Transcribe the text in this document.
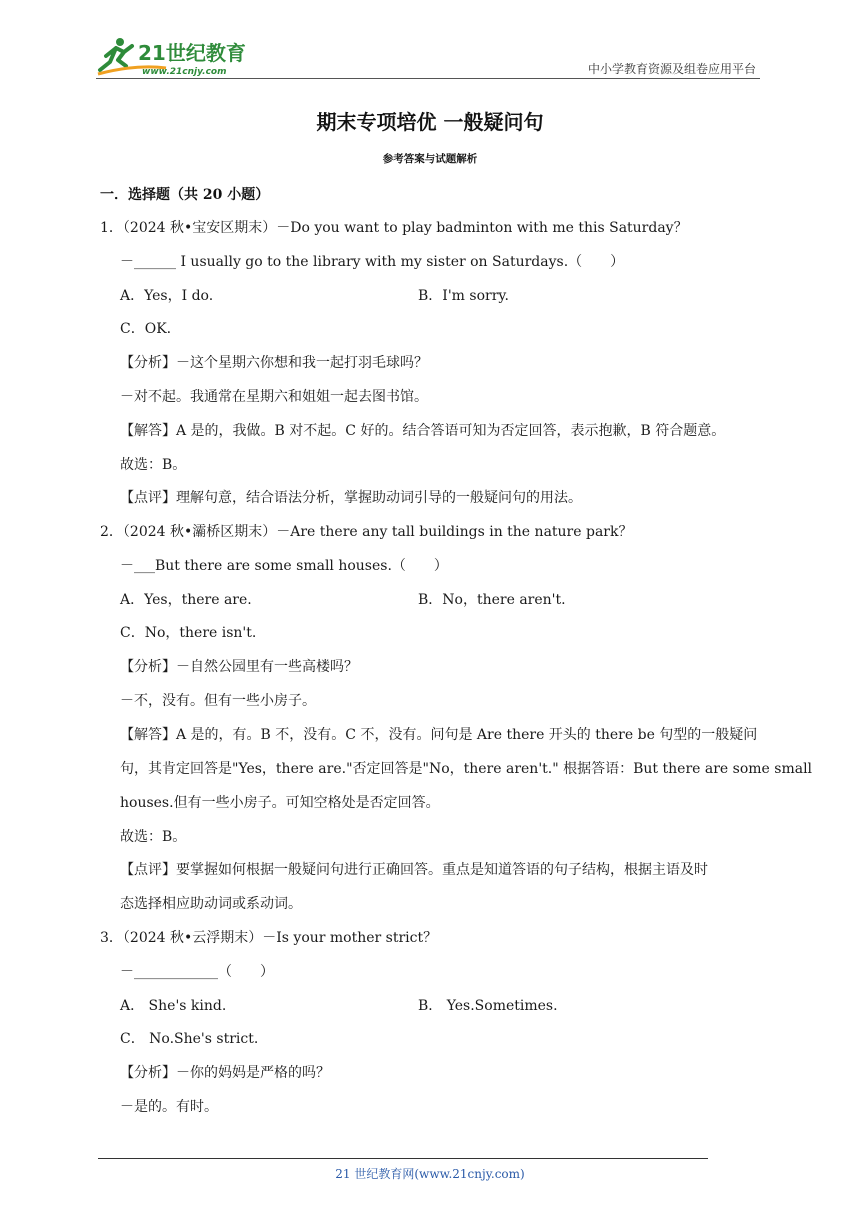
21世纪教育
www.21cnjy.com	中小学教育资源及组卷应用平台
期末专项培优 一般疑问句
参考答案与试题解析
一．选择题（共 20 小题）
1．（2024 秋•宝安区期末）－Do you want to play badminton with me this Saturday？
－______ I usually go to the library with my sister on Saturdays.（　　）
A．Yes，I do.	B．I'm sorry.
C．OK.
【分析】－这个星期六你想和我一起打羽毛球吗？
－对不起。我通常在星期六和姐姐一起去图书馆。
【解答】A 是的，我做。B 对不起。C 好的。结合答语可知为否定回答，表示抱歉，B 符合题意。
故选：B。
【点评】理解句意，结合语法分析，掌握助动词引导的一般疑问句的用法。
2．（2024 秋•灞桥区期末）－Are there any tall buildings in the nature park？
－___But there are some small houses.（　　）
A．Yes，there are.	B．No，there aren't.
C．No，there isn't.
【分析】－自然公园里有一些高楼吗？
－不，没有。但有一些小房子。
【解答】A 是的，有。B 不，没有。C 不，没有。问句是 Are there 开头的 there be 句型的一般疑问
句，其肯定回答是"Yes，there are."否定回答是"No，there aren't." 根据答语：But there are some small
houses.但有一些小房子。可知空格处是否定回答。
故选：B。
【点评】要掌握如何根据一般疑问句进行正确回答。重点是知道答语的句子结构，根据主语及时
态选择相应助动词或系动词。
3．（2024 秋•云浮期末）－Is your mother strict？
－____________（　　）
A． She's kind.	B． Yes.Sometimes.
C． No.She's strict.
【分析】－你的妈妈是严格的吗？
－是的。有时。
21 世纪教育网(www.21cnjy.com)
